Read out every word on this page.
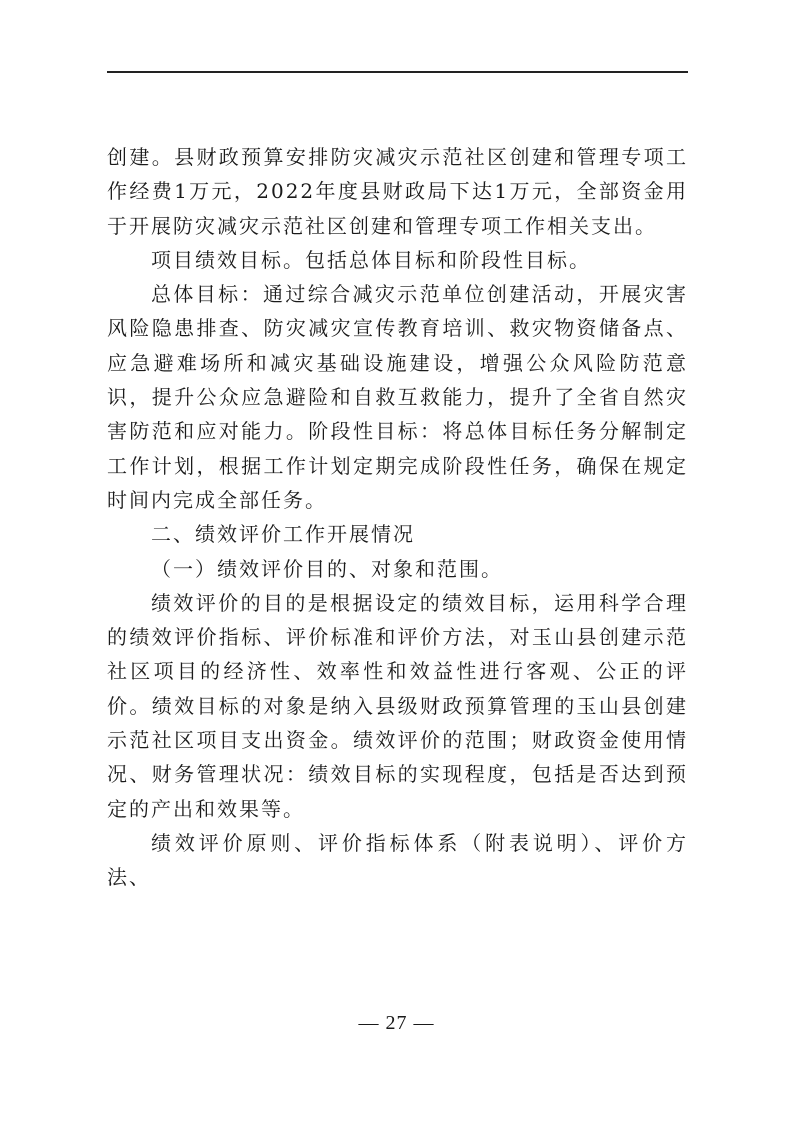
创建。县财政预算安排防灾减灾示范社区创建和管理专项工作经费1万元，2022年度县财政局下达1万元，全部资金用于开展防灾减灾示范社区创建和管理专项工作相关支出。

项目绩效目标。包括总体目标和阶段性目标。

总体目标：通过综合减灾示范单位创建活动，开展灾害风险隐患排查、防灾减灾宣传教育培训、救灾物资储备点、应急避难场所和减灾基础设施建设，增强公众风险防范意识，提升公众应急避险和自救互救能力，提升了全省自然灾害防范和应对能力。阶段性目标：将总体目标任务分解制定工作计划，根据工作计划定期完成阶段性任务，确保在规定时间内完成全部任务。

二、绩效评价工作开展情况

（一）绩效评价目的、对象和范围。

绩效评价的目的是根据设定的绩效目标，运用科学合理的绩效评价指标、评价标准和评价方法，对玉山县创建示范社区项目的经济性、效率性和效益性进行客观、公正的评价。绩效目标的对象是纳入县级财政预算管理的玉山县创建示范社区项目支出资金。绩效评价的范围；财政资金使用情况、财务管理状况：绩效目标的实现程度，包括是否达到预定的产出和效果等。

绩效评价原则、评价指标体系（附表说明）、评价方法、

— 27 —
